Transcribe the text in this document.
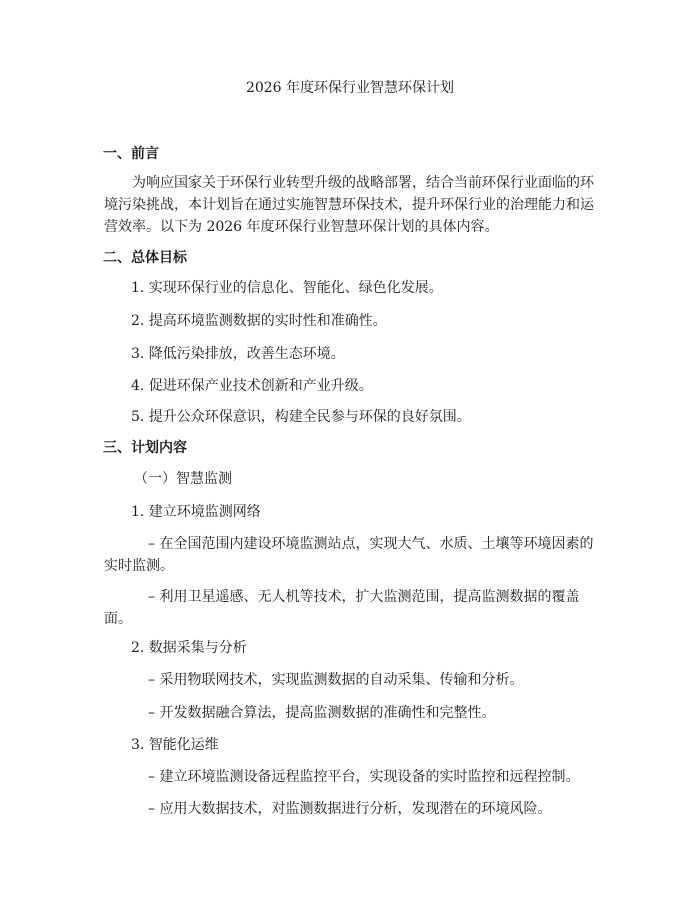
2026 年度环保行业智慧环保计划
一、前言
为响应国家关于环保行业转型升级的战略部署，结合当前环保行业面临的环境污染挑战，本计划旨在通过实施智慧环保技术，提升环保行业的治理能力和运营效率。以下为 2026 年度环保行业智慧环保计划的具体内容。
二、总体目标
1. 实现环保行业的信息化、智能化、绿色化发展。
2. 提高环境监测数据的实时性和准确性。
3. 降低污染排放，改善生态环境。
4. 促进环保产业技术创新和产业升级。
5. 提升公众环保意识，构建全民参与环保的良好氛围。
三、计划内容
（一）智慧监测
1. 建立环境监测网络
– 在全国范围内建设环境监测站点，实现大气、水质、土壤等环境因素的实时监测。
– 利用卫星遥感、无人机等技术，扩大监测范围，提高监测数据的覆盖面。
2. 数据采集与分析
– 采用物联网技术，实现监测数据的自动采集、传输和分析。
– 开发数据融合算法，提高监测数据的准确性和完整性。
3. 智能化运维
– 建立环境监测设备远程监控平台，实现设备的实时监控和远程控制。
– 应用大数据技术，对监测数据进行分析，发现潜在的环境风险。
